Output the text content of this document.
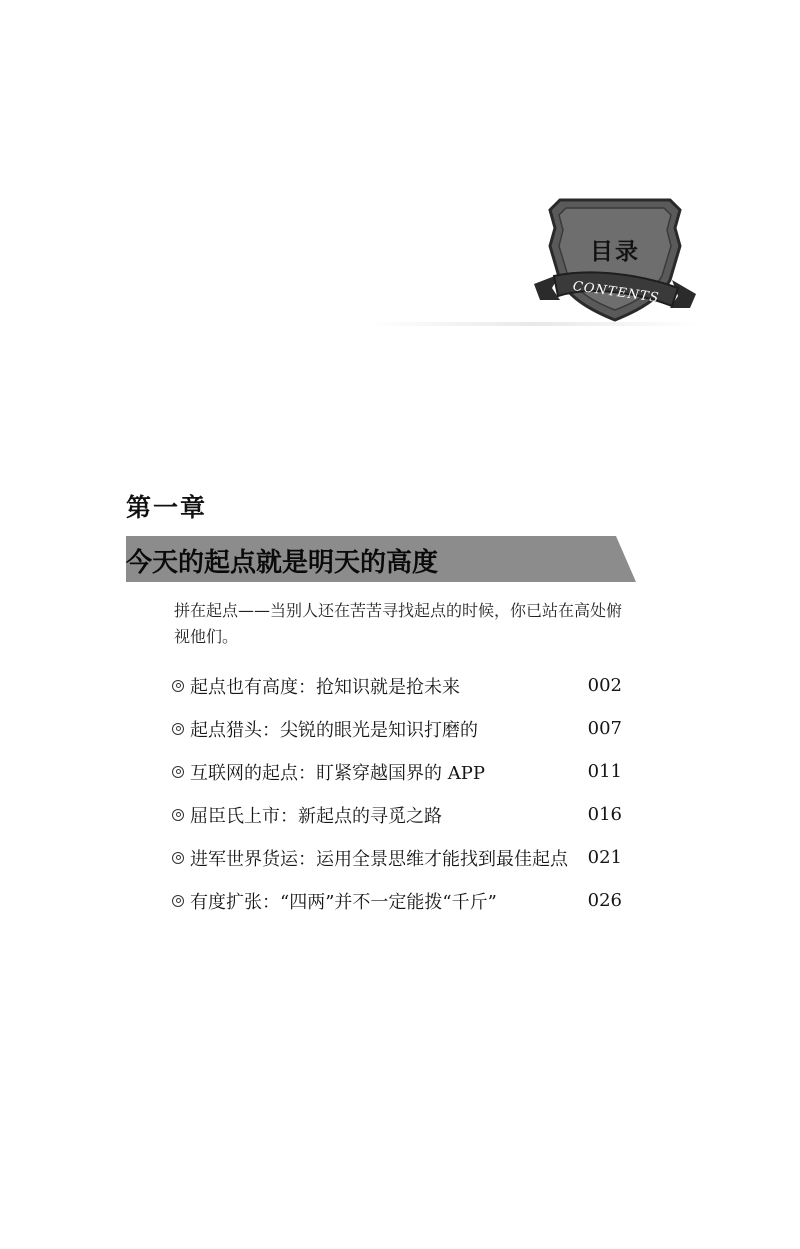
目录
CONTENTS
第一章
今天的起点就是明天的高度
拼在起点——当别人还在苦苦寻找起点的时候，你已站在高处俯视他们。
起点也有高度：抢知识就是抢未来	002
起点猎头：尖锐的眼光是知识打磨的	007
互联网的起点：盯紧穿越国界的 APP	011
屈臣氏上市：新起点的寻觅之路	016
进军世界货运：运用全景思维才能找到最佳起点	021
有度扩张：“四两”并不一定能拨“千斤”	026
